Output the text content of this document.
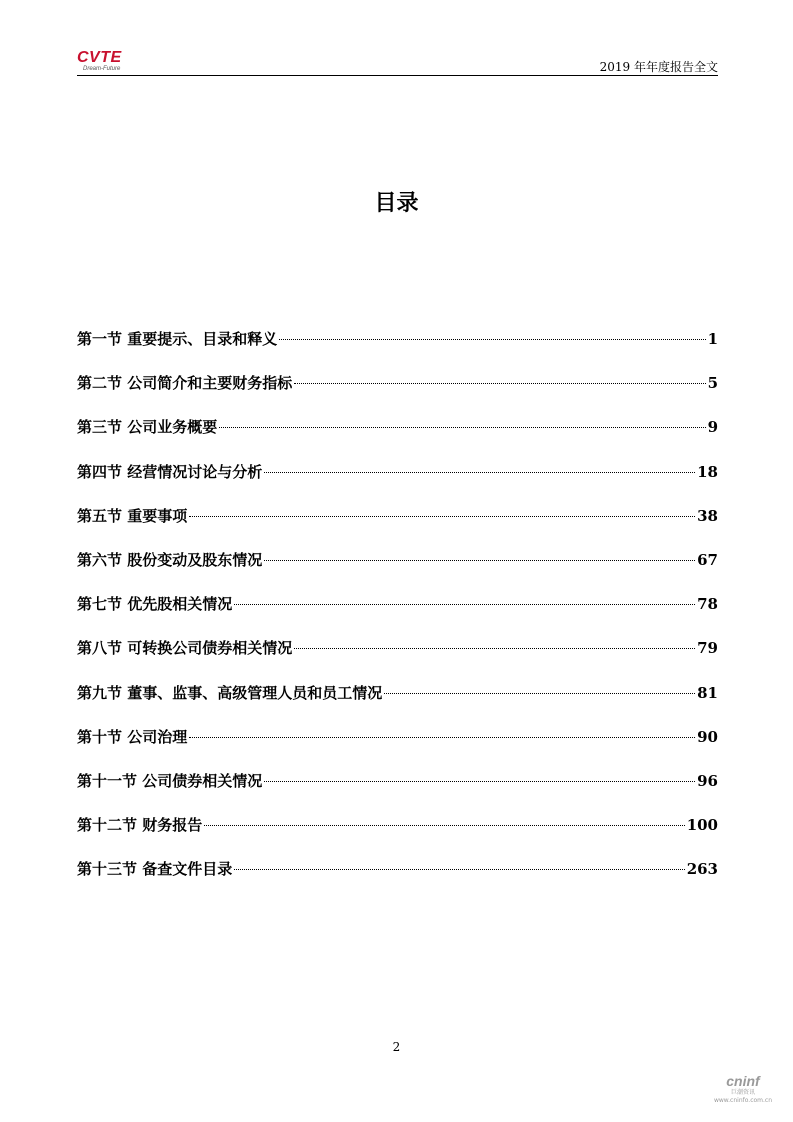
CVTE
Dream-Future	2019 年年度报告全文
目录
第一节 重要提示、目录和释义	1
第二节 公司简介和主要财务指标	5
第三节 公司业务概要	9
第四节 经营情况讨论与分析	18
第五节 重要事项	38
第六节 股份变动及股东情况	67
第七节 优先股相关情况	78
第八节 可转换公司债券相关情况	79
第九节 董事、监事、高级管理人员和员工情况	81
第十节 公司治理	90
第十一节 公司债券相关情况	96
第十二节 财务报告	100
第十三节 备查文件目录	263
2
cninf
巨潮资讯 www.cninfo.com.cn
